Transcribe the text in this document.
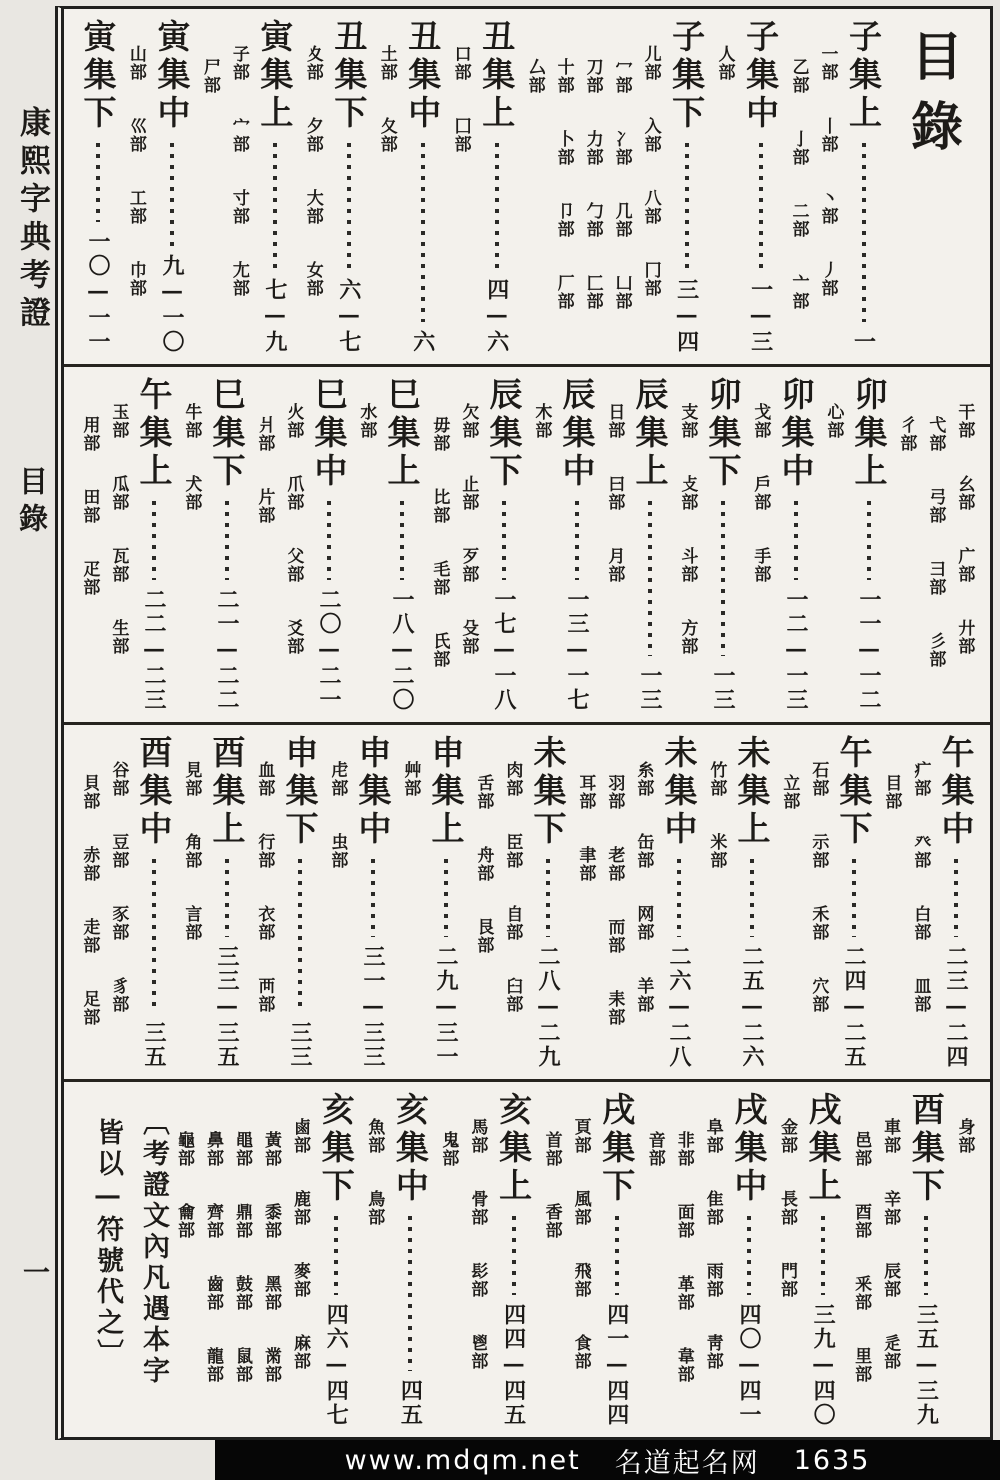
康熙字典考證
目錄
一
目錄
子集上
一
一部
丨部
丶部
丿部
乙部
亅部
二部
亠部
子集中
一—三
人部
子集下
三—四
儿部
入部
八部
冂部
冖部
冫部
几部
凵部
刀部
力部
勹部
匚部
十部
卜部
卩部
厂部
厶部
丑集上
四—六
口部
囗部
丑集中
六
土部
夂部
丑集下
六—七
夊部
夕部
大部
女部
寅集上
七—九
子部
宀部
寸部
尢部
尸部
寅集中
九—一〇
山部
巛部
工部
巾部
寅集下
一〇—一一
干部
幺部
广部
廾部
弋部
弓部
彐部
彡部
彳部
卯集上
一一—一二
心部
卯集中
一二—一三
戈部
戶部
手部
卯集下
一三
支部
攴部
斗部
方部
辰集上
一三
日部
曰部
月部
辰集中
一三—一七
木部
辰集下
一七—一八
欠部
止部
歹部
殳部
毋部
比部
毛部
氏部
巳集上
一八—二〇
水部
巳集中
二〇—二一
火部
爪部
父部
爻部
爿部
片部
巳集下
二一—二二
牛部
犬部
午集上
二二—二三
玉部
瓜部
瓦部
生部
用部
田部
疋部
午集中
二三—二四
疒部
癶部
白部
皿部
目部
午集下
二四—二五
石部
示部
禾部
穴部
立部
未集上
二五—二六
竹部
米部
未集中
二六—二八
糸部
缶部
网部
羊部
羽部
老部
而部
耒部
耳部
聿部
未集下
二八—二九
肉部
臣部
自部
臼部
舌部
舟部
艮部
申集上
二九—三一
艸部
申集中
三一—三三
虍部
虫部
申集下
三三
血部
行部
衣部
襾部
酉集上
三三—三五
見部
角部
言部
酉集中
三五
谷部
豆部
豕部
豸部
貝部
赤部
走部
足部
身部
酉集下
三五—三九
車部
辛部
辰部
辵部
邑部
酉部
釆部
里部
戌集上
三九—四〇
金部
長部
門部
戌集中
四〇—四一
阜部
隹部
雨部
靑部
非部
面部
革部
韋部
音部
戌集下
四一—四四
頁部
風部
飛部
食部
首部
香部
亥集上
四四—四五
馬部
骨部
髟部
鬯部
鬼部
亥集中
四五
魚部
鳥部
亥集下
四六—四七
鹵部
鹿部
麥部
麻部
黃部
黍部
黑部
黹部
黽部
鼎部
鼓部
鼠部
鼻部
齊部
齒部
龍部
龜部
龠部
〔考證文內凡遇本字
皆以—符號代之〕
www.mdqm.net 名道起名网 1635
